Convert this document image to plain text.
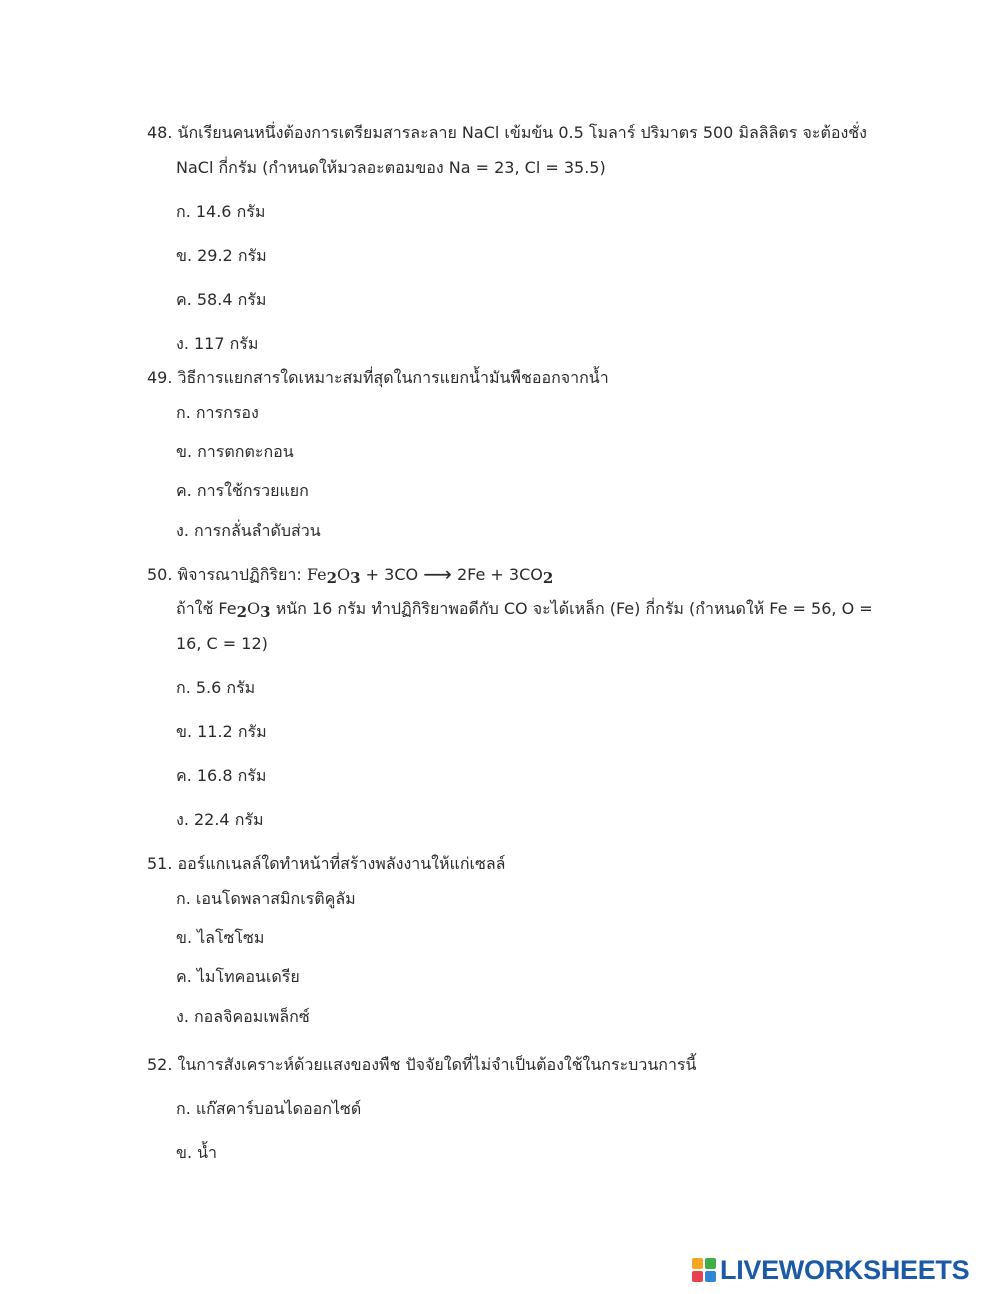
48. นักเรียนคนหนึ่งต้องการเตรียมสารละลาย NaCl เข้มข้น 0.5 โมลาร์ ปริมาตร 500 มิลลิลิตร จะต้องชั่ง
NaCl กี่กรัม (กำหนดให้มวลอะตอมของ Na = 23, Cl = 35.5)
ก. 14.6 กรัม
ข. 29.2 กรัม
ค. 58.4 กรัม
ง. 117 กรัม
49. วิธีการแยกสารใดเหมาะสมที่สุดในการแยกน้ำมันพืชออกจากน้ำ
ก. การกรอง
ข. การตกตะกอน
ค. การใช้กรวยแยก
ง. การกลั่นลำดับส่วน
50. พิจารณาปฏิกิริยา: Fe2O3 + 3CO ⟶ 2Fe + 3CO2
ถ้าใช้ Fe2O3 หนัก 16 กรัม ทำปฏิกิริยาพอดีกับ CO จะได้เหล็ก (Fe) กี่กรัม (กำหนดให้ Fe = 56, O =
16, C = 12)
ก. 5.6 กรัม
ข. 11.2 กรัม
ค. 16.8 กรัม
ง. 22.4 กรัม
51. ออร์แกเนลล์ใดทำหน้าที่สร้างพลังงานให้แก่เซลล์
ก. เอนโดพลาสมิกเรติคูลัม
ข. ไลโซโซม
ค. ไมโทคอนเดรีย
ง. กอลจิคอมเพล็กซ์
52. ในการสังเคราะห์ด้วยแสงของพืช ปัจจัยใดที่ไม่จำเป็นต้องใช้ในกระบวนการนี้
ก. แก๊สคาร์บอนไดออกไซด์
ข. น้ำ
LIVEWORKSHEETS
